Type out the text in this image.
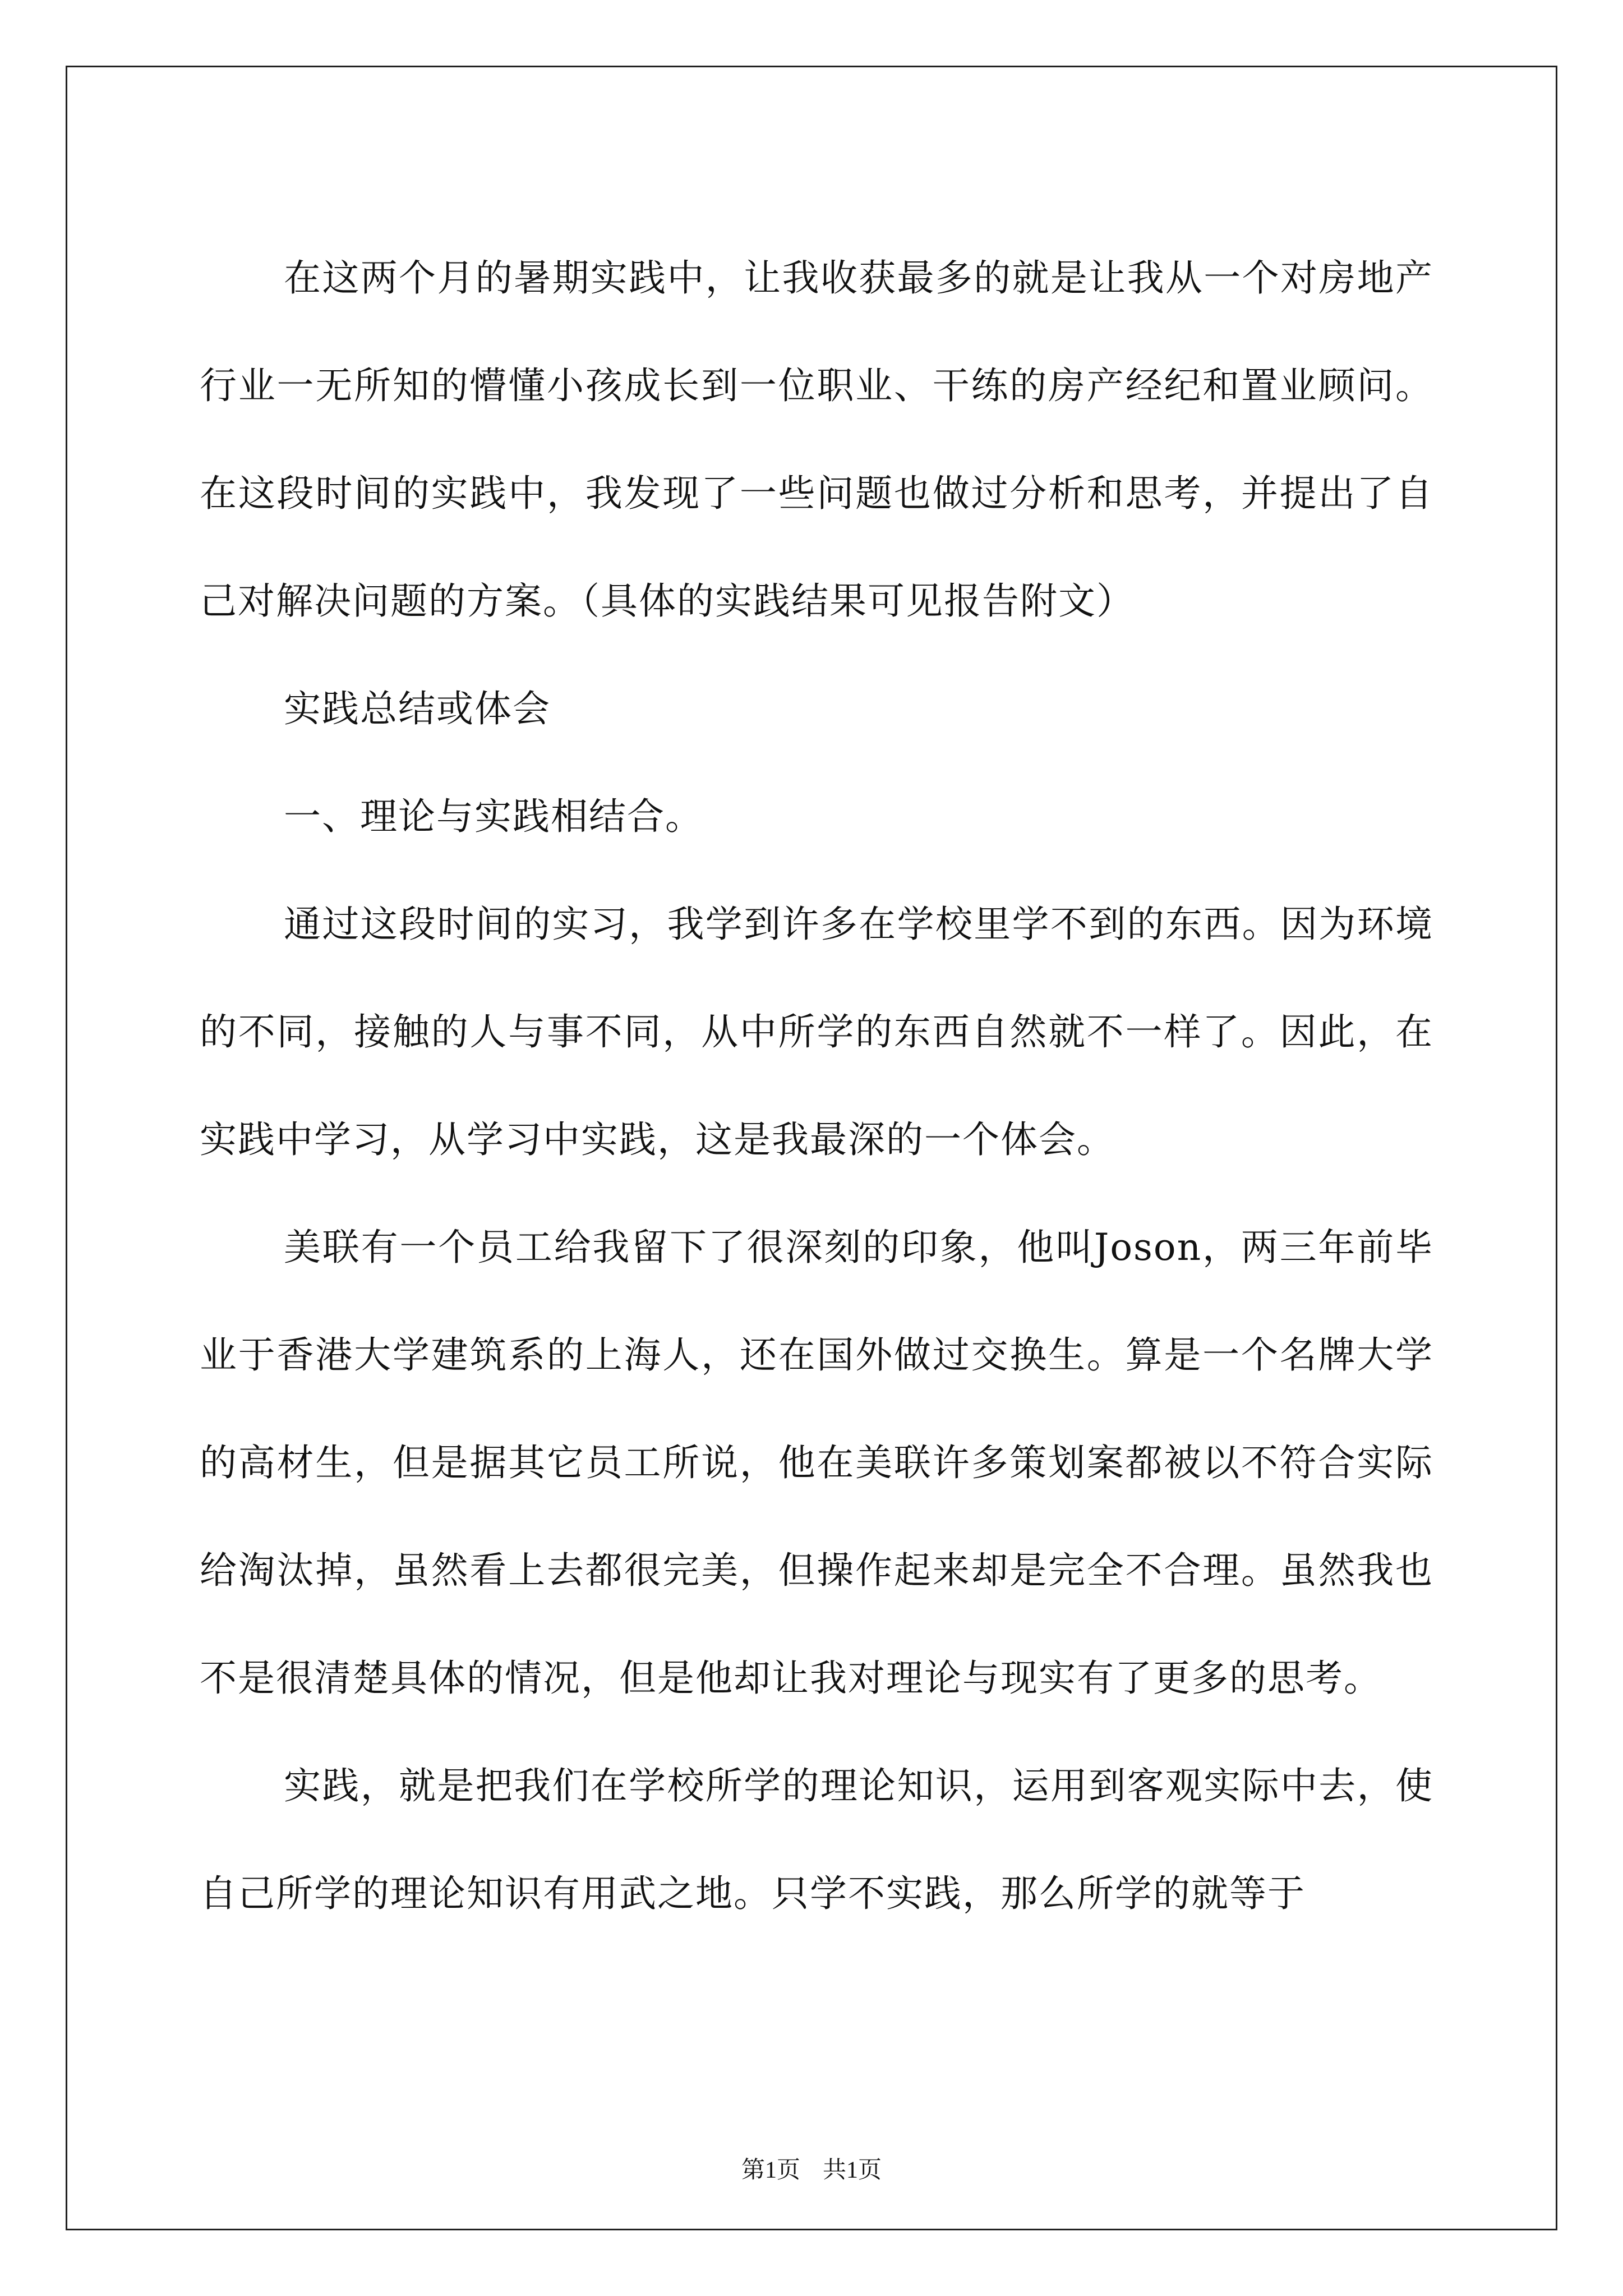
在这两个月的暑期实践中，让我收获最多的就是让我从一个对房地产行业一无所知的懵懂小孩成长到一位职业、干练的房产经纪和置业顾问。在这段时间的实践中，我发现了一些问题也做过分析和思考，并提出了自己对解决问题的方案。（具体的实践结果可见报告附文）

实践总结或体会

一、理论与实践相结合。

通过这段时间的实习，我学到许多在学校里学不到的东西。因为环境的不同，接触的人与事不同，从中所学的东西自然就不一样了。因此，在实践中学习，从学习中实践，这是我最深的一个体会。

美联有一个员工给我留下了很深刻的印象，他叫Joson，两三年前毕业于香港大学建筑系的上海人，还在国外做过交换生。算是一个名牌大学的高材生，但是据其它员工所说，他在美联许多策划案都被以不符合实际给淘汰掉，虽然看上去都很完美，但操作起来却是完全不合理。虽然我也不是很清楚具体的情况，但是他却让我对理论与现实有了更多的思考。

实践，就是把我们在学校所学的理论知识，运用到客观实际中去，使自己所学的理论知识有用武之地。只学不实践，那么所学的就等于

第1页 共1页
